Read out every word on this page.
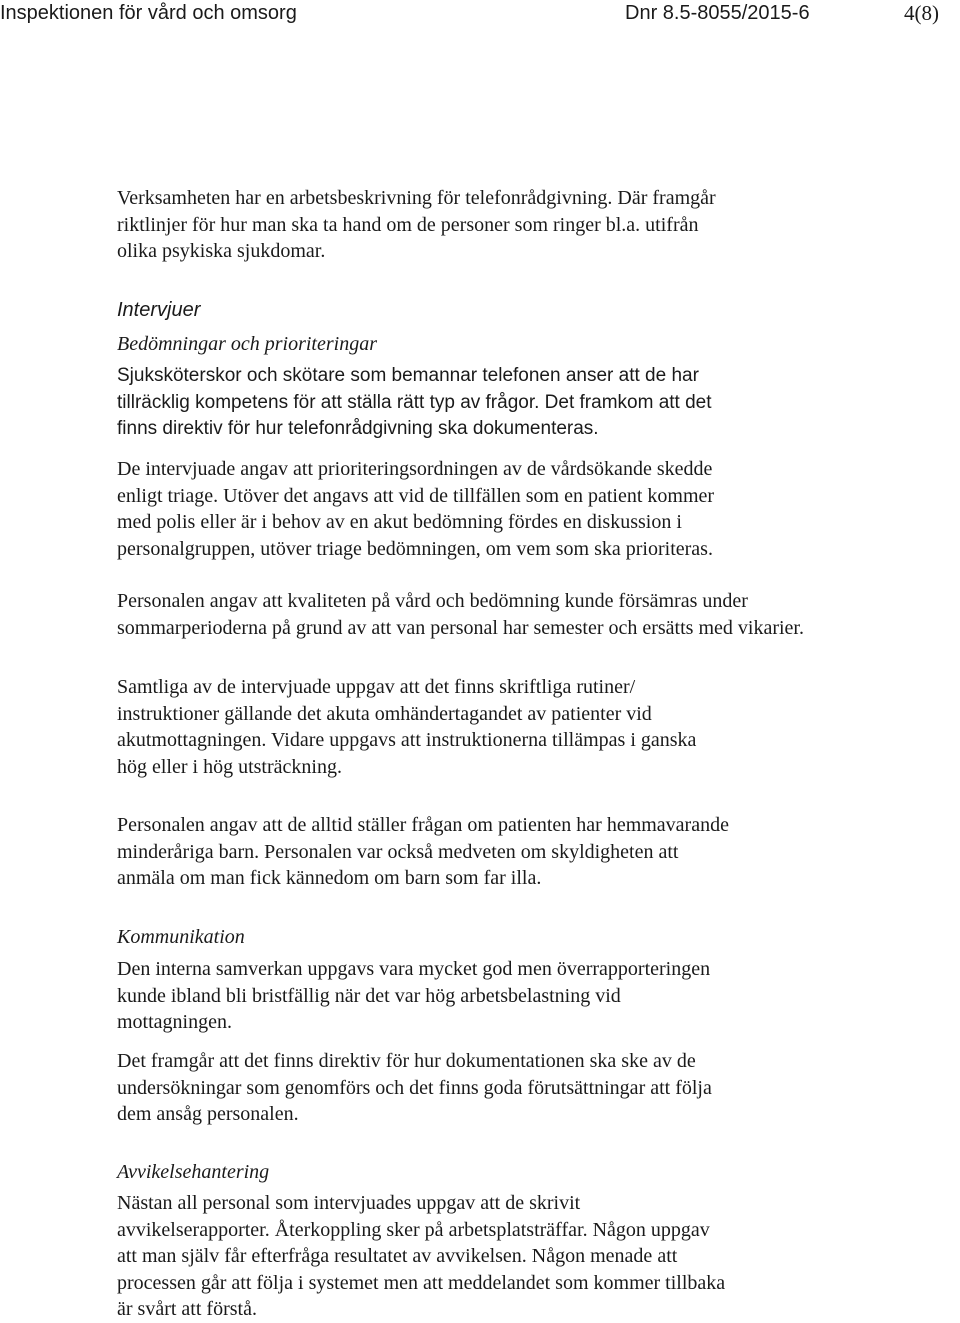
Inspektionen för vård och omsorg	Dnr 8.5-8055/2015-6	4(8)
Verksamheten har en arbetsbeskrivning för telefonrådgivning. Där framgår
riktlinjer för hur man ska ta hand om de personer som ringer bl.a. utifrån
olika psykiska sjukdomar.
Intervjuer
Bedömningar och prioriteringar
Sjuksköterskor och skötare som bemannar telefonen anser att de har
tillräcklig kompetens för att ställa rätt typ av frågor. Det framkom att det
finns direktiv för hur telefonrådgivning ska dokumenteras.
De intervjuade angav att prioriteringsordningen av de vårdsökande skedde
enligt triage. Utöver det angavs att vid de tillfällen som en patient kommer
med polis eller är i behov av en akut bedömning fördes en diskussion i
personalgruppen, utöver triage bedömningen, om vem som ska prioriteras.
Personalen angav att kvaliteten på vård och bedömning kunde försämras under
sommarperioderna på grund av att van personal har semester och ersätts med vikarier.
Samtliga av de intervjuade uppgav att det finns skriftliga rutiner/
instruktioner gällande det akuta omhändertagandet av patienter vid
akutmottagningen. Vidare uppgavs att instruktionerna tillämpas i ganska
hög eller i hög utsträckning.
Personalen angav att de alltid ställer frågan om patienten har hemmavarande
minderåriga barn. Personalen var också medveten om skyldigheten att
anmäla om man fick kännedom om barn som far illa.
Kommunikation
Den interna samverkan uppgavs vara mycket god men överrapporteringen
kunde ibland bli bristfällig när det var hög arbetsbelastning vid
mottagningen.
Det framgår att det finns direktiv för hur dokumentationen ska ske av de
undersökningar som genomförs och det finns goda förutsättningar att följa
dem ansåg personalen.
Avvikelsehantering
Nästan all personal som intervjuades uppgav att de skrivit
avvikelserapporter. Återkoppling sker på arbetsplatsträffar. Någon uppgav
att man själv får efterfråga resultatet av avvikelsen. Någon menade att
processen går att följa i systemet men att meddelandet som kommer tillbaka
är svårt att förstå.
